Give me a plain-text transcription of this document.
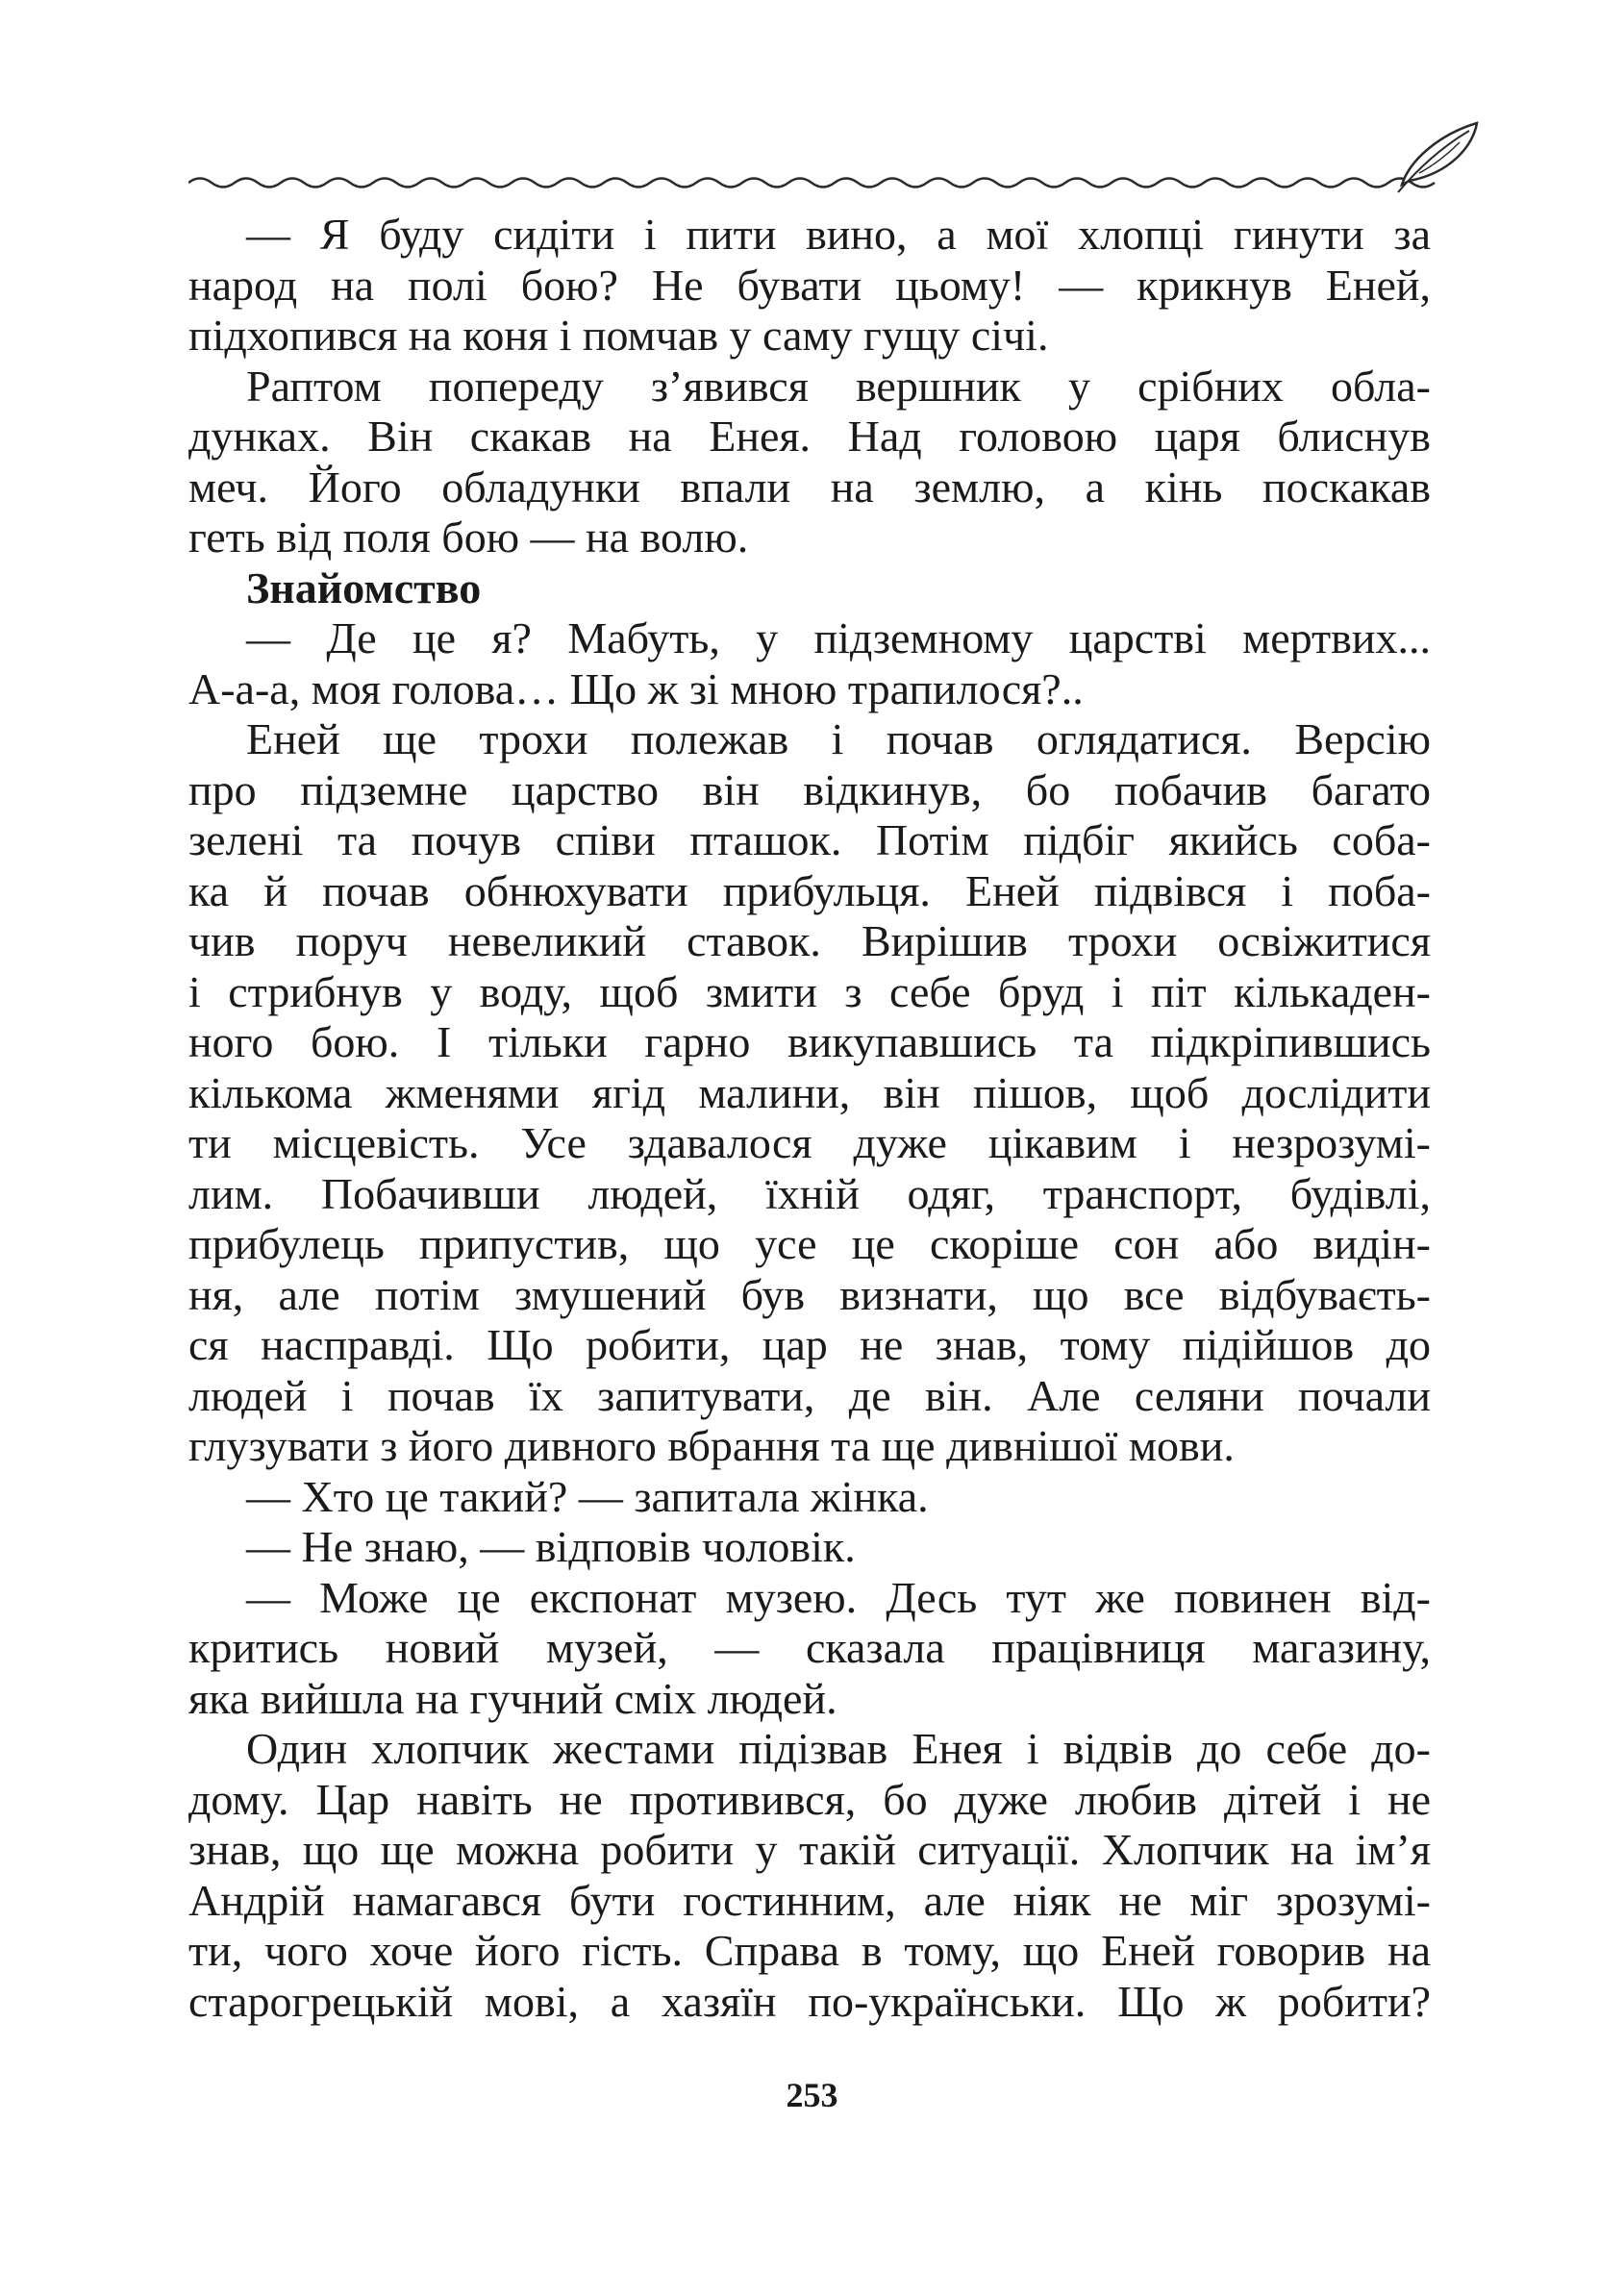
— Я буду сидіти і пити вино, а мої хлопці гинути за
народ на полі бою? Не бувати цьому! — крикнув Еней,
підхопився на коня і помчав у саму гущу січі.
Раптом попереду з’явився вершник у срібних обла-
дунках. Він скакав на Енея. Над головою царя блиснув
меч. Його обладунки впали на землю, а кінь поскакав
геть від поля бою — на волю.
Знайомство
— Де це я? Мабуть, у підземному царстві мертвих...
А-а-а, моя голова… Що ж зі мною трапилося?..
Еней ще трохи полежав і почав оглядатися. Версію
про підземне царство він відкинув, бо побачив багато
зелені та почув співи пташок. Потім підбіг якийсь соба-
ка й почав обнюхувати прибульця. Еней підвівся і поба-
чив поруч невеликий ставок. Вирішив трохи освіжитися
і стрибнув у воду, щоб змити з себе бруд і піт кількаден-
ного бою. І тільки гарно викупавшись та підкріпившись
кількома жменями ягід малини, він пішов, щоб дослідити
ти місцевість. Усе здавалося дуже цікавим і незрозумі-
лим. Побачивши людей, їхній одяг, транспорт, будівлі,
прибулець припустив, що усе це скоріше сон або видін-
ня, але потім змушений був визнати, що все відбуваєть-
ся насправді. Що робити, цар не знав, тому підійшов до
людей і почав їх запитувати, де він. Але селяни почали
глузувати з його дивного вбрання та ще дивнішої мови.
— Хто це такий? — запитала жінка.
— Не знаю, — відповів чоловік.
— Може це експонат музею. Десь тут же повинен від-
критись новий музей, — сказала працівниця магазину,
яка вийшла на гучний сміх людей.
Один хлопчик жестами підізвав Енея і відвів до себе до-
дому. Цар навіть не противився, бо дуже любив дітей і не
знав, що ще можна робити у такій ситуації. Хлопчик на ім’я
Андрій намагався бути гостинним, але ніяк не міг зрозумі-
ти, чого хоче його гість. Справа в тому, що Еней говорив на
старогрецькій мові, а хазяїн по-українськи. Що ж робити?
253
